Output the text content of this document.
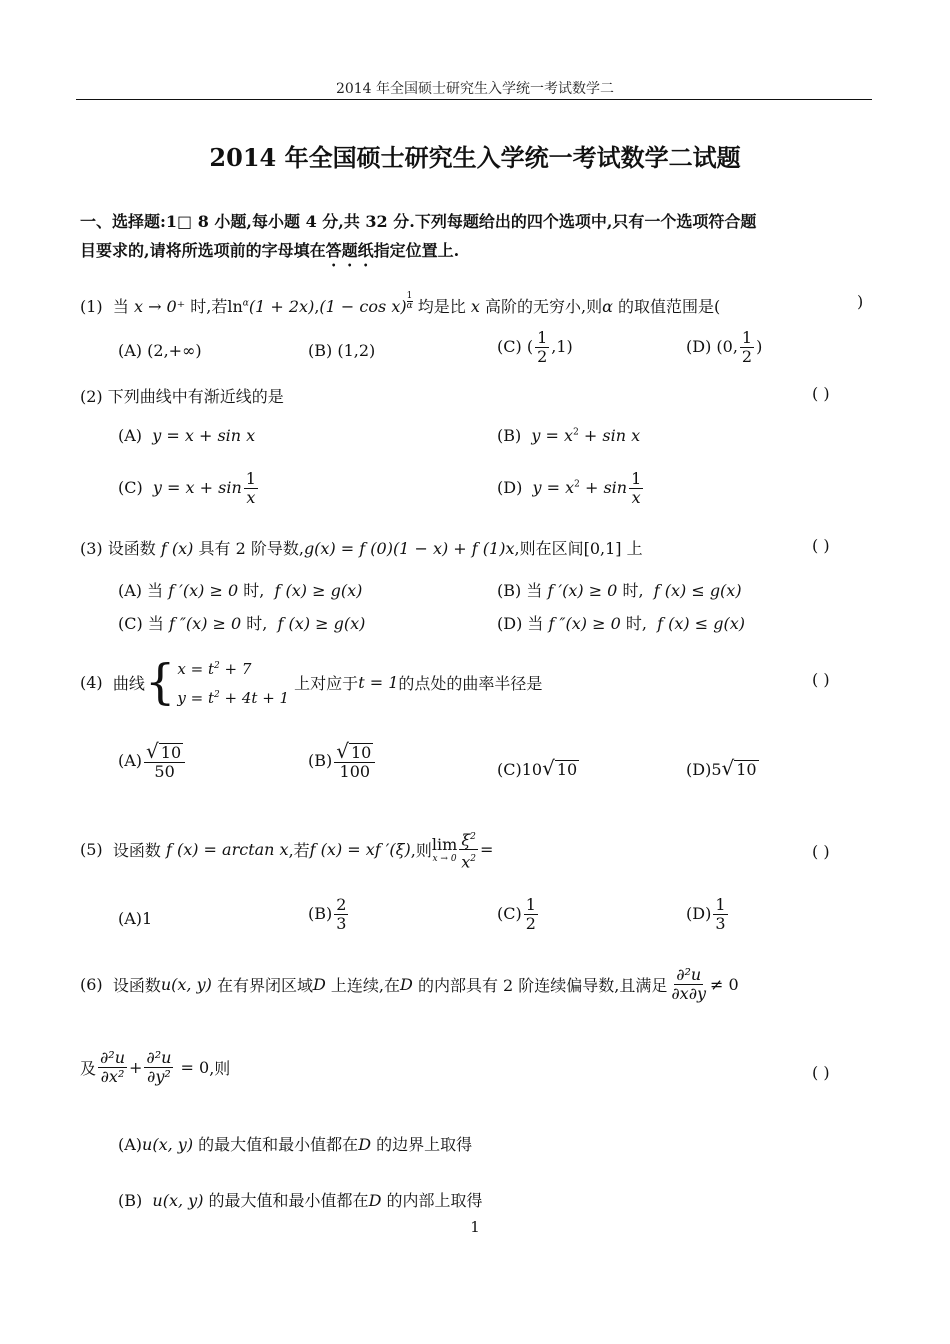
2014 年全国硕士研究生入学统一考试数学二
2014 年全国硕士研究生入学统一考试数学二试题
一、选择题:1□ 8 小题,每小题 4 分,共 32 分.下列每题给出的四个选项中,只有一个选项符合题
目要求的,请将所选项前的字母填在答题纸指定位置上.
(1) 当 x → 0⁺ 时,若$\ln^\alpha(1 + 2x),(1 - \cos x)$ $^{\frac{1}{\alpha}}$ 均是比 x 高阶的无穷小,则α 的取值范围是(	)
(A) (2,+∞)	(B) (1,2)	(C) ( $\frac{1}{2} ,1$)	(D) (0, $\frac{1}{2}$ )
(2) 下列曲线中有渐近线的是	( )
(A) y = x + sin x	(B) $y = x^2 + \sin x$
(C) $y = x + \sin \frac{1}{x}$	(D) $y = x^2 + \sin \frac{1}{x}$
(3) 设函数 f (x) 具有 2 阶导数,g(x) = f (0)(1 − x) + f (1)x,则在区间[0,1] 上	( )
(A) 当 f ′(x) ≥ 0 时, f (x) ≥ g(x)	(B) 当 f ′(x) ≥ 0 时, f (x) ≤ g(x)
(C) 当 f ″(x) ≥ 0 时, f (x) ≥ g(x)	(D) 当 f ″(x) ≥ 0 时, f (x) ≤ g(x)
(4)
曲线 { $x = t^2 + 7$
$y = t^2 + 4t + 1$

上对应于 t = 1 的点处的曲率半径是	( )
$(A) \frac{√ 10}{50}$	$(B) \frac{√ 10}{100}$	(C)10√ 10	(D)5√ 10
(5)
设函数
f (x) = arctan x ,若 f (x) = xf ′(ξ) ,则 lim
$x \to 0 \frac{\xi^2}{x^2}$ =	( )
(A)1	$(B) \frac{2}{3}$	$(C) \frac{1}{2}$	$(D) \frac{1}{3}$
(6)
设函数 u(x, y)
在有界闭区域 D
上连续,在 D
的内部具有 2 阶连续偏导数,且满足 $\frac{\text{∂²u}}{\partial x\partial y} \ne 0$
及 $\frac{\text{∂²u}}{\text{∂x²}} + \frac{\text{∂²u}}{\text{∂y²}}$
= 0 ,则	( )
(A)u(x, y) 的最大值和最小值都在D 的边界上取得
(B) u(x, y) 的最大值和最小值都在D 的内部上取得
1
